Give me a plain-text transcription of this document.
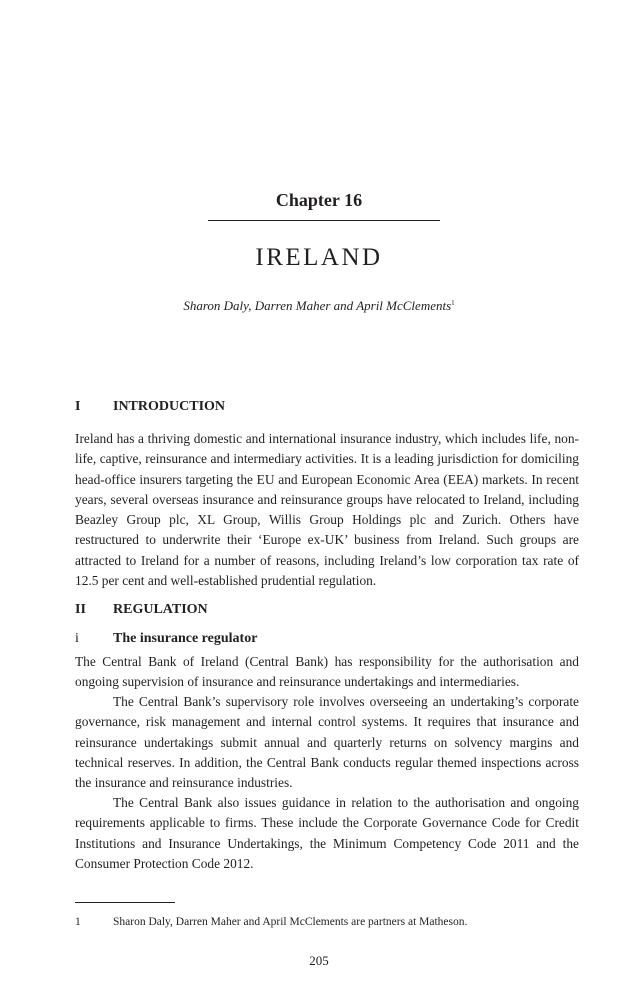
Chapter 16
IRELAND
Sharon Daly, Darren Maher and April McClements$^1$
I INTRODUCTION

Ireland has a thriving domestic and international insurance industry, which includes life, non-life, captive, reinsurance and intermediary activities. It is a leading jurisdiction for domiciling head-office insurers targeting the EU and European Economic Area (EEA) markets. In recent years, several overseas insurance and reinsurance groups have relocated to Ireland, including Beazley Group plc, XL Group, Willis Group Holdings plc and Zurich. Others have restructured to underwrite their ‘Europe ex-UK’ business from Ireland. Such groups are attracted to Ireland for a number of reasons, including Ireland’s low corporation tax rate of 12.5 per cent and well-established prudential regulation.

II REGULATION
i The insurance regulator

The Central Bank of Ireland (Central Bank) has responsibility for the authorisation and ongoing supervision of insurance and reinsurance undertakings and intermediaries.

The Central Bank’s supervisory role involves overseeing an undertaking’s corporate governance, risk management and internal control systems. It requires that insurance and reinsurance undertakings submit annual and quarterly returns on solvency margins and technical reserves. In addition, the Central Bank conducts regular themed inspections across the insurance and reinsurance industries.

The Central Bank also issues guidance in relation to the authorisation and ongoing requirements applicable to firms. These include the Corporate Governance Code for Credit Institutions and Insurance Undertakings, the Minimum Competency Code 2011 and the Consumer Protection Code 2012.

1	Sharon Daly, Darren Maher and April McClements are partners at Matheson.
205
